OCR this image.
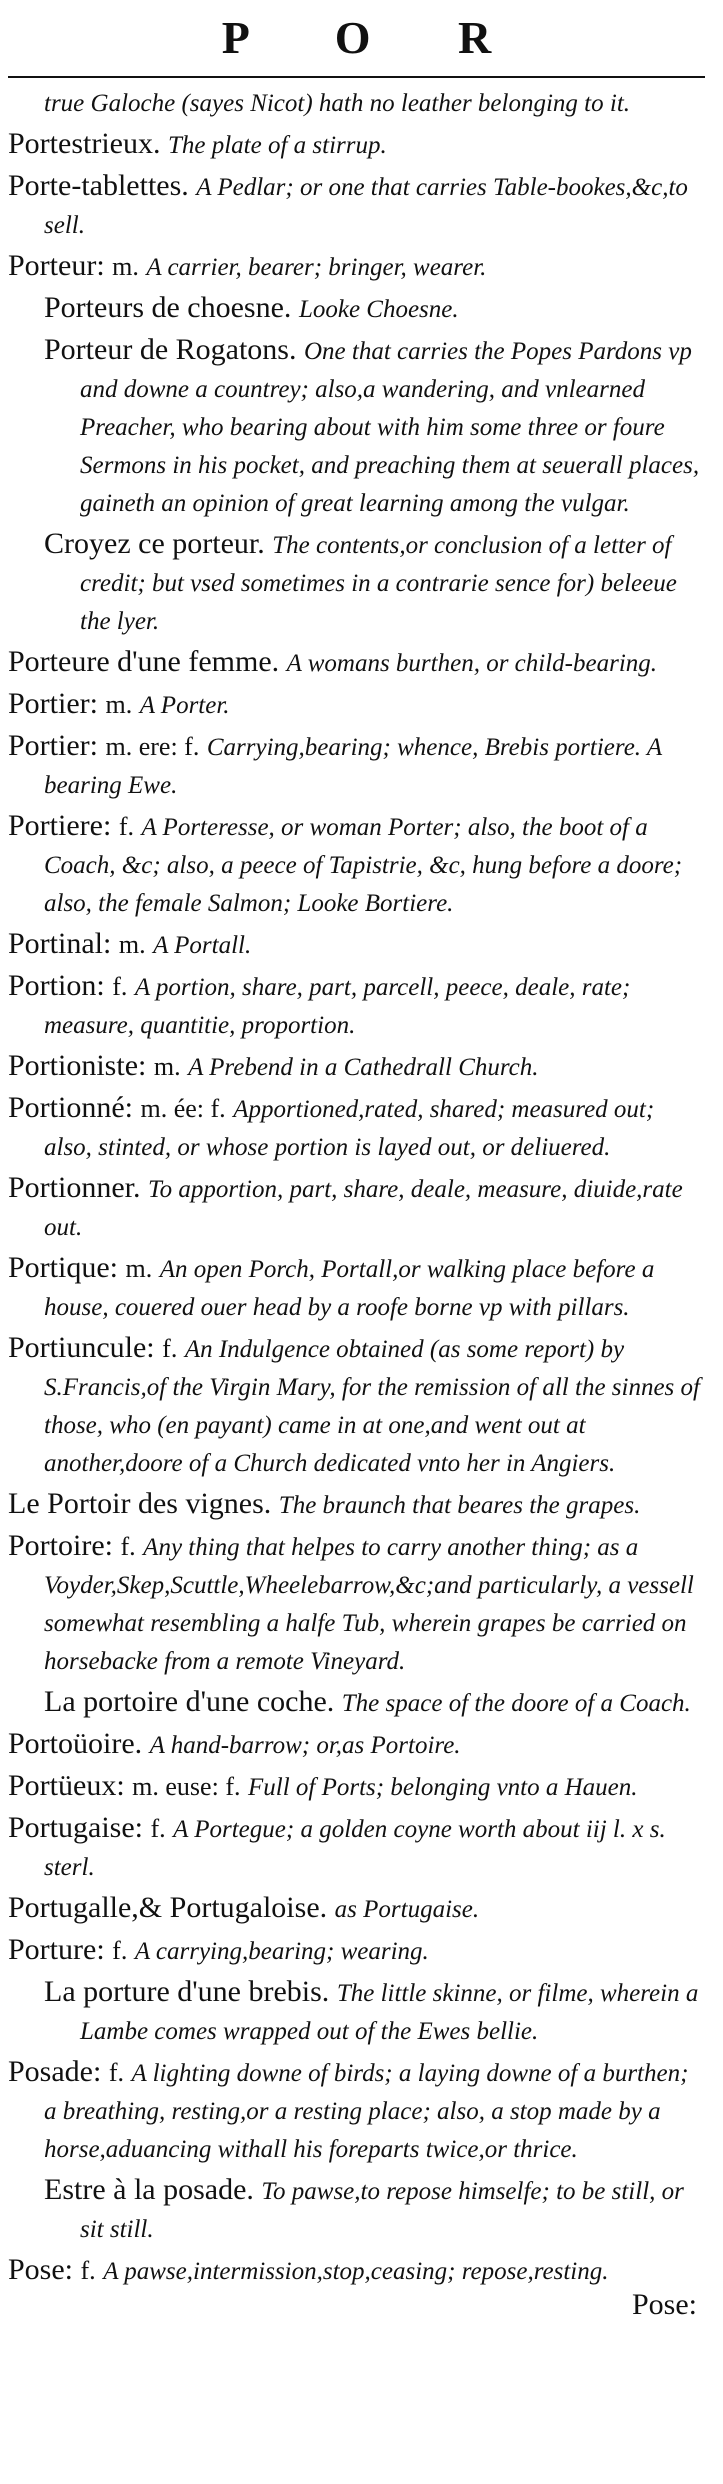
P O R
true Galoche (sayes Nicot) hath no leather belonging to it.
Portestrieux. The plate of a stirrup.
Porte-tablettes. A Pedlar; or one that carries Table-bookes,&c,to sell.
Porteur: m. A carrier, bearer; bringer, wearer.
Porteurs de choesne. Looke Choesne.
Porteur de Rogatons. One that carries the Popes Pardons vp and downe a countrey; also,a wandering, and vnlearned Preacher, who bearing about with him some three or foure Sermons in his pocket, and preaching them at seuerall places, gaineth an opinion of great learning among the vulgar.
Croyez ce porteur. The contents,or conclusion of a letter of credit; but vsed sometimes in a contrarie sence for) beleeue the lyer.
Porteure d'une femme. A womans burthen, or child-bearing.
Portier: m. A Porter.
Portier: m. ere: f. Carrying,bearing; whence, Brebis portiere. A bearing Ewe.
Portiere: f. A Porteresse, or woman Porter; also, the boot of a Coach, &c; also, a peece of Tapistrie, &c, hung before a doore; also, the female Salmon; Looke Bortiere.
Portinal: m. A Portall.
Portion: f. A portion, share, part, parcell, peece, deale, rate; measure, quantitie, proportion.
Portioniste: m. A Prebend in a Cathedrall Church.
Portionné: m. ée: f. Apportioned,rated, shared; measured out; also, stinted, or whose portion is layed out, or deliuered.
Portionner. To apportion, part, share, deale, measure, diuide,rate out.
Portique: m. An open Porch, Portall,or walking place before a house, couered ouer head by a roofe borne vp with pillars.
Portiuncule: f. An Indulgence obtained (as some report) by S.Francis,of the Virgin Mary, for the remission of all the sinnes of those, who (en payant) came in at one,and went out at another,doore of a Church dedicated vnto her in Angiers.
Le Portoir des vignes. The braunch that beares the grapes.
Portoire: f. Any thing that helpes to carry another thing; as a Voyder,Skep,Scuttle,Wheelebarrow,&c;and particularly, a vessell somewhat resembling a halfe Tub, wherein grapes be carried on horsebacke from a remote Vineyard.
La portoire d'une coche. The space of the doore of a Coach.
Portoüoire. A hand-barrow; or,as Portoire.
Portüeux: m. euse: f. Full of Ports; belonging vnto a Hauen.
Portugaise: f. A Portegue; a golden coyne worth about iij l. x s. sterl.
Portugalle,& Portugaloise. as Portugaise.
Porture: f. A carrying,bearing; wearing.
La porture d'une brebis. The little skinne, or filme, wherein a Lambe comes wrapped out of the Ewes bellie.
Posade: f. A lighting downe of birds; a laying downe of a burthen; a breathing, resting,or a resting place; also, a stop made by a horse,aduancing withall his foreparts twice,or thrice.
Estre à la posade. To pawse,to repose himselfe; to be still, or sit still.
Pose: f. A pawse,intermission,stop,ceasing; repose,resting.
Pose:
